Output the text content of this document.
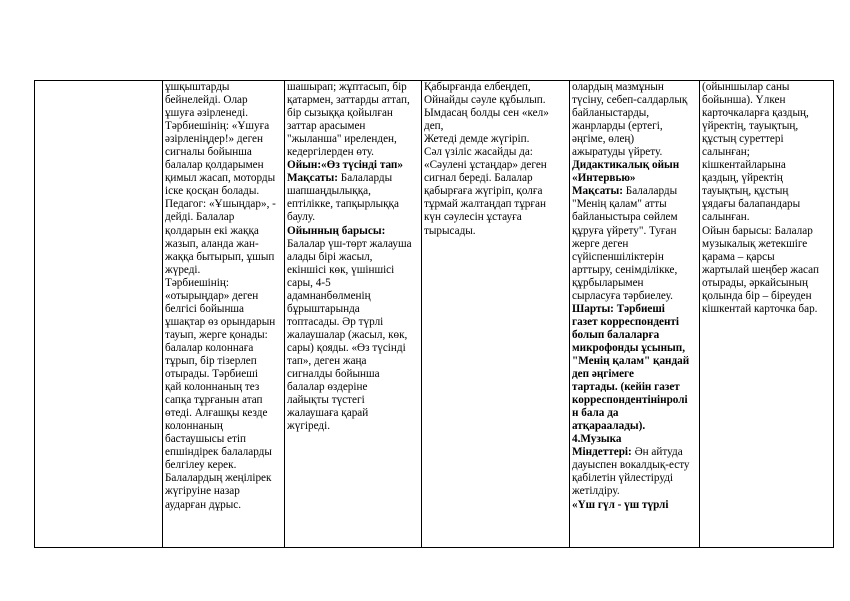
ұшқыштарды
бейнелейді. Олар
ұшуға әзірленеді.
Тәрбиешінің: «Ұшуға
әзірленіңдер!» деген
сигналы бойынша
балалар қолдарымен
қимыл жасап, моторды
іске қосқан болады.
Педагог: «Ұшыңдар», -
дейді. Балалар
қолдарын екі жаққа
жазып, аланда жан-
жаққа бытырып, ұшып
жүреді.
Тәрбиешінің:
«отырыңдар» деген
белгісі бойынша
ұшақтар өз орындарын
тауып, жерге қонады:
балалар колоннаға
тұрып, бір тізерлеп
отырады. Тәрбиеші
қай колоннаның тез
сапқа тұрғанын атап
өтеді. Алғашқы кезде
колоннаның
бастаушысы етіп
епшіндірек балаларды
белгілеу керек.
Балалардың жеңілірек
жүгіруіне назар
аударған дұрыс.

шашырап; жұптасып, бір
қатармен, заттарды аттап,
бір сызыққа қойылған
заттар арасымен
"жыланша" иреленден,
кедергілерден өту.
Ойын:«Өз түсінді тап»
Мақсаты: Балаларды
шапшаңдылыққа,
ептілікке, тапқырлыққа
баулу.
Ойынның барысы:
Балалар үш-төрт жалауша
алады бірі жасыл,
екіншісі көк, үшіншісі
сары, 4-5
адамнанбөлменің
бұрыштарында
топтасады. Әр түрлі
жалаушалар (жасыл, көк,
сары) қояды. «Өз түсінді
тап», деген жаңа
сигналды бойынша
балалар өздеріне
лайықты түстегі
жалаушаға қарай
жүгіреді.

Қабырғанда елбеңдеп,
Ойнайды сәуле құбылып.
Ымдасаң болды сен «кел»
деп,
Жетеді демде жүгіріп.
Сәл үзіліс жасайды да:
«Сәулені ұстаңдар» деген
сигнал береді. Балалар
қабырғаға жүгіріп, қолға
тұрмай жалтаңдап тұрған
күн сәулесін ұстауға
тырысады.

олардың мазмұнын
түсіну, себеп-салдарлық
байланыстарды,
жанрларды (ертегі,
әңгіме, өлең)
ажыратуды үйрету.
Дидактикалық ойын
«Интервью»
Мақсаты: Балаларды
"Менің қалам" атты
байланыстыра сөйлем
құруға үйрету". Туған
жерге деген
сүйіспеншіліктерін
арттыру, сенімділікке,
құрбыларымен
сырласуға тәрбиелеу.
Шарты: Тәрбиеші
газет корреспонденті
болып балаларға
микрофонды ұсынып,
"Менің қалам" қандай
деп әңгімеге
тартады. (кейін газет
корреспондентінінролі
н бала да
атқараалады).
4.Музыка
Міндеттері: Ән айтуда
дауыспен вокалдық-есту
қабілетін үйлестіруді
жетілдіру.
«Үш гүл - үш түрлі

(ойыншылар саны
бойынша). Үлкен
карточкаларға қаздың,
үйректің, тауықтың,
құстың суреттері
салынған;
кішкентайларына
қаздың, үйректің
тауықтың, құстың
ұядағы балапандары
салынған.
Ойын барысы: Балалар
музыкалық жетекшіге
қарама – қарсы
жартылай шеңбер жасап
отырады, әркайсының
қолында бір – біреуден
кішкентай карточка бар.
